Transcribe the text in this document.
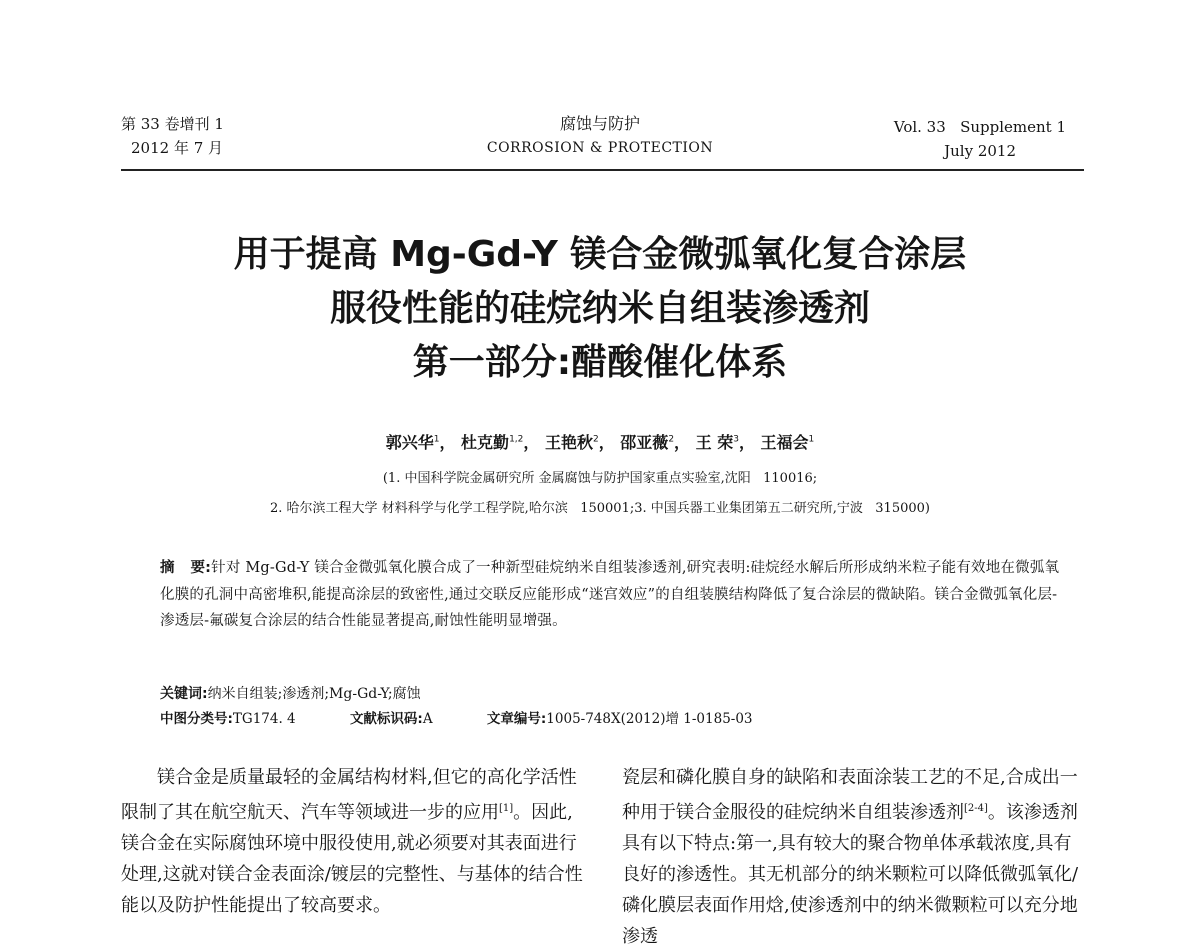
第 33 卷增刊 1
2012 年 7 月
腐蚀与防护
CORROSION & PROTECTION
Vol. 33   Supplement 1
July 2012
用于提高 Mg-Gd-Y 镁合金微弧氧化复合涂层
服役性能的硅烷纳米自组装渗透剂
第一部分:醋酸催化体系
郭兴华$^1$， 杜克勤$^{1,2}$， 王艳秋$^2$， 邵亚薇$^2$， 王 荣$^3$， 王福会$^1$
(1. 中国科学院金属研究所 金属腐蚀与防护国家重点实验室,沈阳   110016;
2. 哈尔滨工程大学 材料科学与化学工程学院,哈尔滨   150001;3. 中国兵器工业集团第五二研究所,宁波   315000)
摘   要:针对 Mg-Gd-Y 镁合金微弧氧化膜合成了一种新型硅烷纳米自组装渗透剂,研究表明:硅烷经水解后所形成纳米粒子能有效地在微弧氧化膜的孔洞中高密堆积,能提高涂层的致密性,通过交联反应能形成“迷宫效应”的自组装膜结构降低了复合涂层的微缺陷。镁合金微弧氧化层-渗透层-氟碳复合涂层的结合性能显著提高,耐蚀性能明显增强。
关键词:纳米自组装;渗透剂;Mg-Gd-Y;腐蚀
中图分类号:TG174. 4	文献标识码:A	文章编号:1005-748X(2012)增 1-0185-03
镁合金是质量最轻的金属结构材料,但它的高化学活性限制了其在航空航天、汽车等领域进一步的应用[1]。因此,镁合金在实际腐蚀环境中服役使用,就必须要对其表面进行处理,这就对镁合金表面涂/镀层的完整性、与基体的结合性能以及防护性能提出了较高要求。
瓷层和磷化膜自身的缺陷和表面涂装工艺的不足,合成出一种用于镁合金服役的硅烷纳米自组装渗透剂[2-4]。该渗透剂具有以下特点:第一,具有较大的聚合物单体承载浓度,具有良好的渗透性。其无机部分的纳米颗粒可以降低微弧氧化/磷化膜层表面作用焓,使渗透剂中的纳米微颗粒可以充分地渗透
